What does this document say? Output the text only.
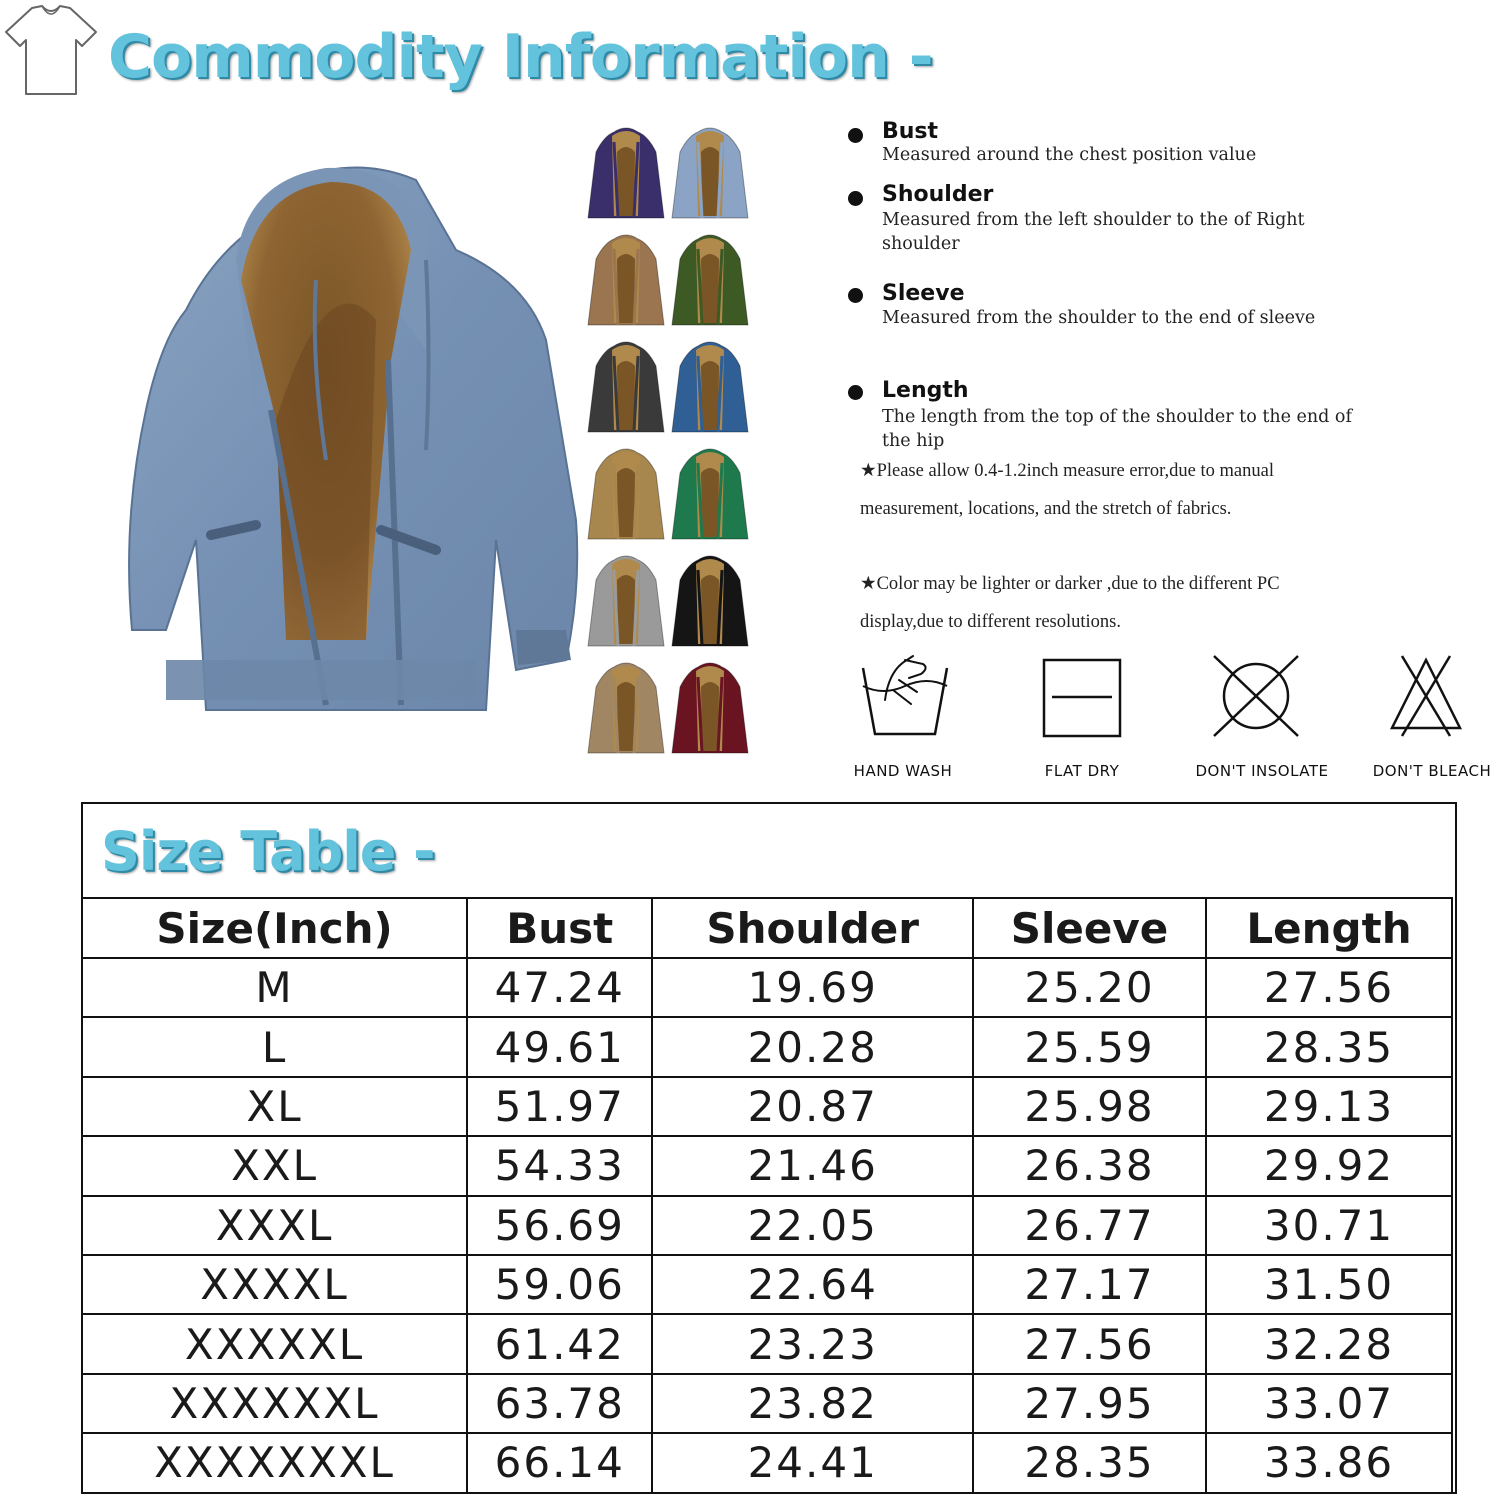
Commodity Information -
Bust
Measured around the chest position value
Shoulder
Measured from the left shoulder to the of Right shoulder
Sleeve
Measured from the shoulder to the end of sleeve
Length
The length from the top of the shoulder to the end of the hip
★Please allow 0.4-1.2inch measure error,due to manual measurement, locations, and the stretch of fabrics.
★Color may be lighter or darker ,due to the different PC display,due to different resolutions.
HAND WASH	FLAT DRY	DON'T INSOLATE	DON'T BLEACH
Size Table -
Size(Inch)	Bust	Shoulder	Sleeve	Length
M	47.24	19.69	25.20	27.56
L	49.61	20.28	25.59	28.35
XL	51.97	20.87	25.98	29.13
XXL	54.33	21.46	26.38	29.92
XXXL	56.69	22.05	26.77	30.71
XXXXL	59.06	22.64	27.17	31.50
XXXXXL	61.42	23.23	27.56	32.28
XXXXXXL	63.78	23.82	27.95	33.07
XXXXXXXL	66.14	24.41	28.35	33.86
